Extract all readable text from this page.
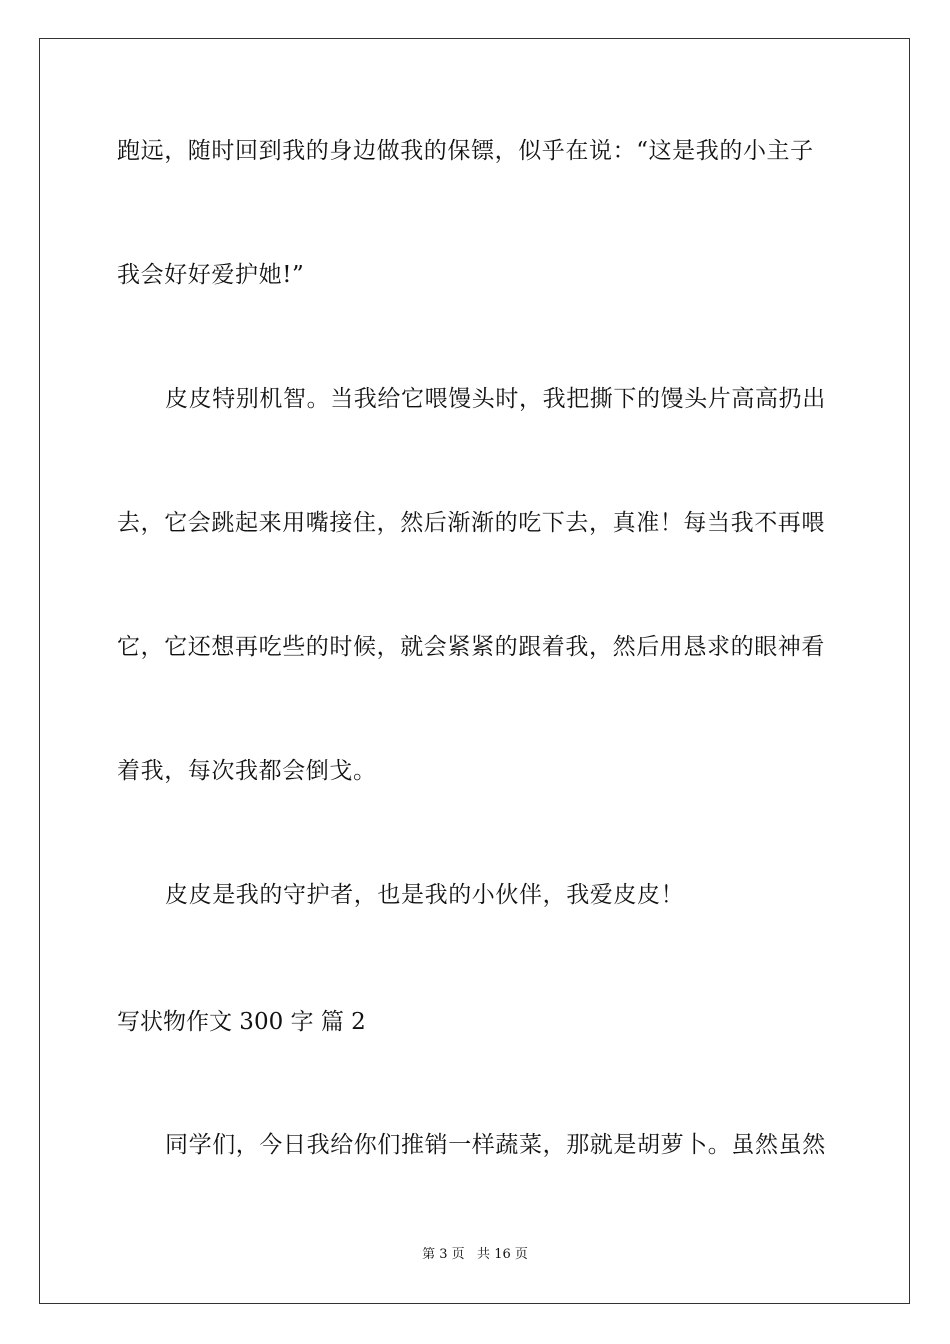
跑远，随时回到我的身边做我的保镖，似乎在说：“这是我的小主子
我会好好爱护她!”
皮皮特别机智。当我给它喂馒头时，我把撕下的馒头片高高扔出
去，它会跳起来用嘴接住，然后渐渐的吃下去，真准！每当我不再喂
它，它还想再吃些的时候，就会紧紧的跟着我，然后用恳求的眼神看
着我，每次我都会倒戈。
皮皮是我的守护者，也是我的小伙伴，我爱皮皮！
写状物作文 300 字 篇 2
同学们，今日我给你们推销一样蔬菜，那就是胡萝卜。虽然虽然
第 3 页   共 16 页
